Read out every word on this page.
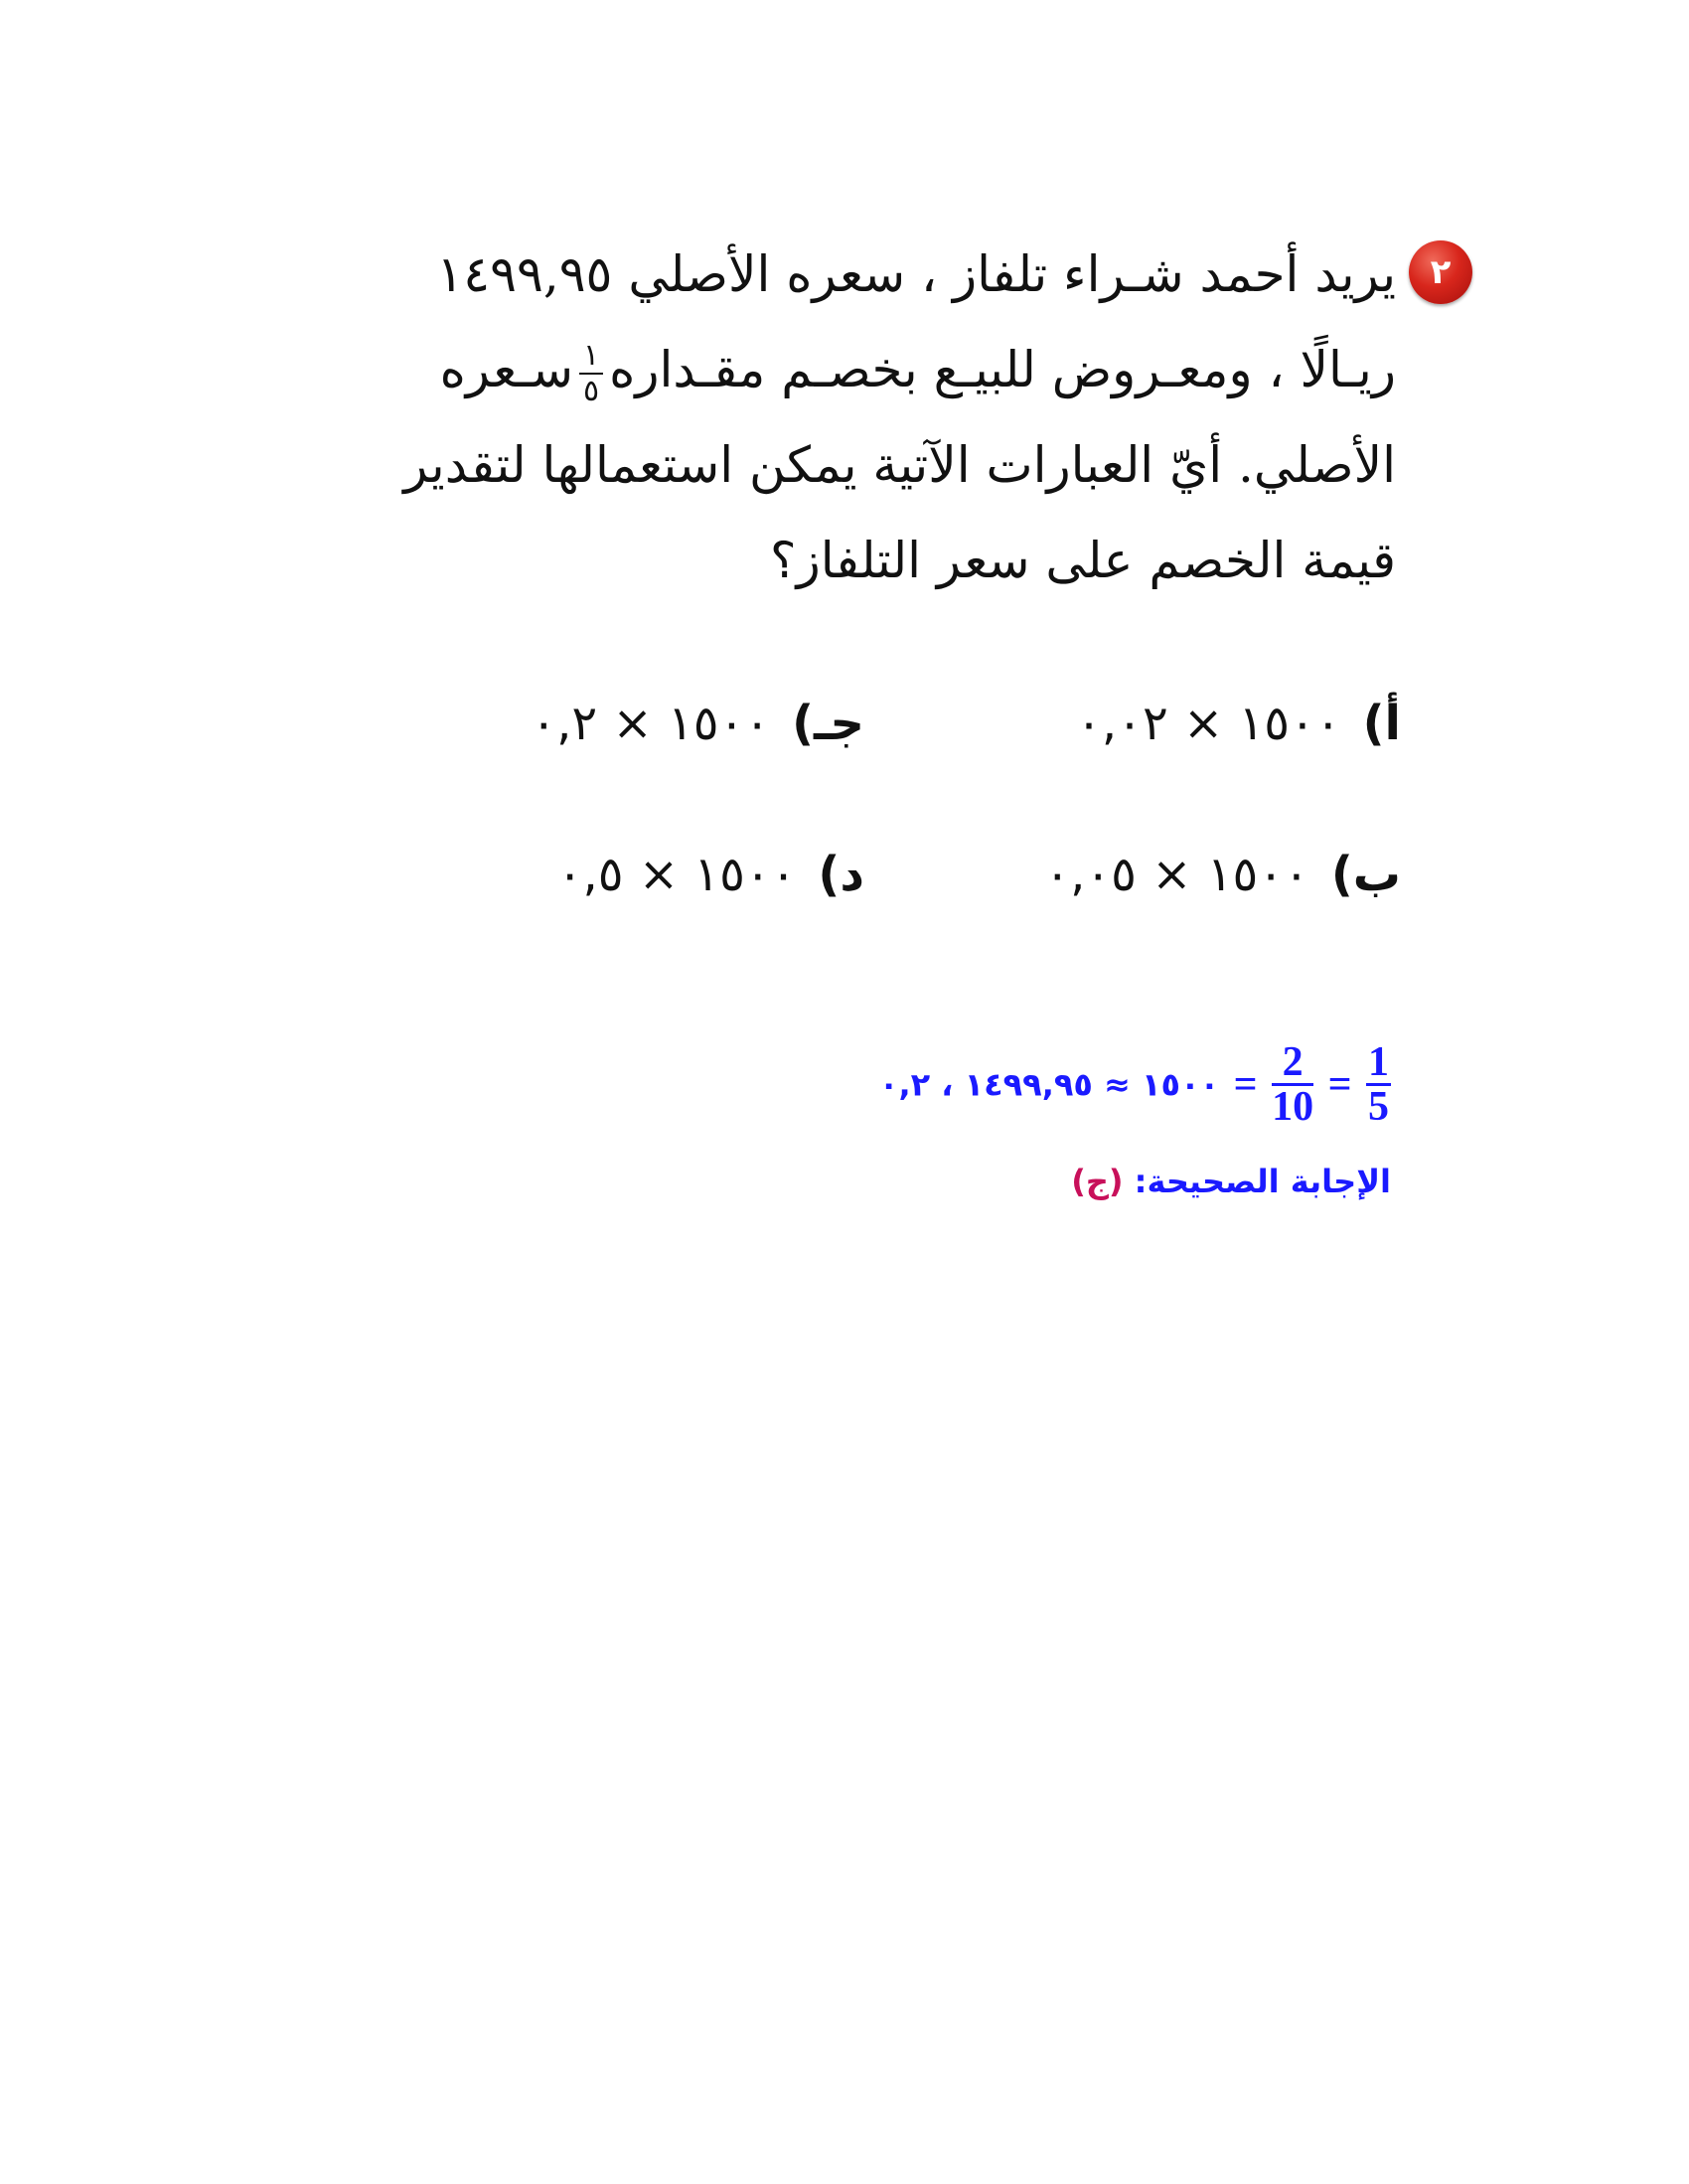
٢
يريد أحمد شـراء تلفاز ، سعره الأصلي ١٤٩٩,٩٥
ريـالًا ، ومعـروض للبيـع بخصـم مقـداره
$\frac{١}{٥}$
سـعره
الأصلي. أيّ العبارات الآتية يمكن استعمالها لتقدير
قيمة الخصم على سعر التلفاز؟
أ)١٥٠٠ × ٠,٠٢
جـ)١٥٠٠ × ٠,٢
ب)١٥٠٠ × ٠,٠٥
د)١٥٠٠ × ٠,٥
١٥٠٠ ≈ ١٤٩٩,٩٥ ، ٠,٢ = $\frac{2}{10} = \frac{1}{5}$
الإجابة الصحيحة: (ج)
